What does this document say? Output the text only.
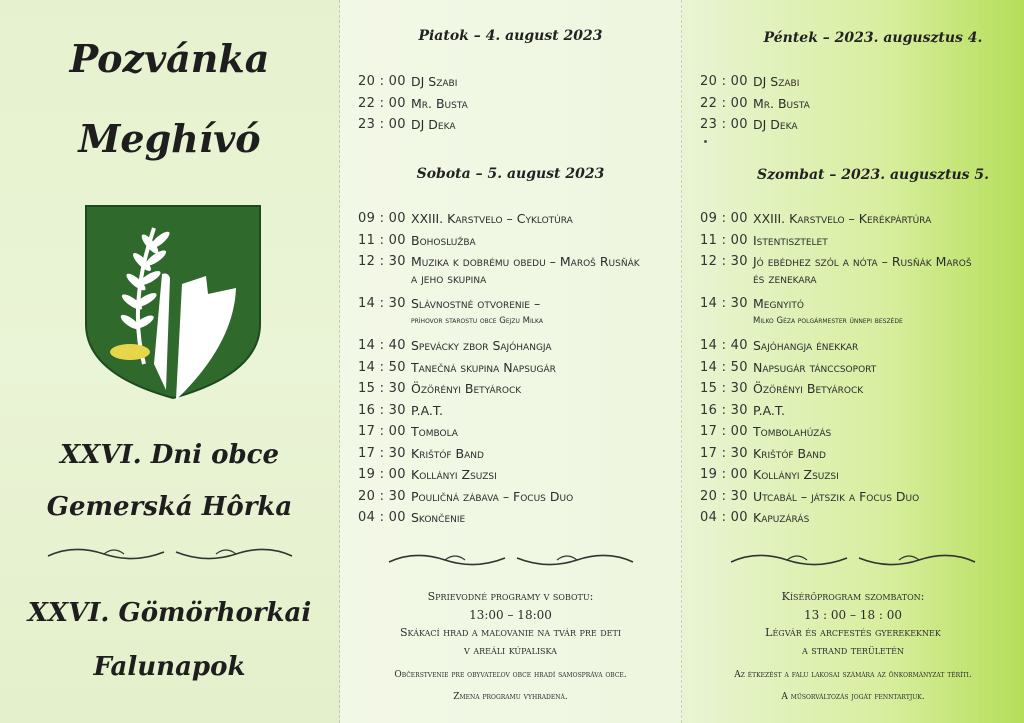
Pozvánka
Meghívó
XXVI. Dni obce
Gemerská Hôrka
XXVI. Gömörhorkai
Falunapok
Piatok – 4. august 2023
20 : 00 DJ Szabi
22 : 00 Mr. Busta
23 : 00 DJ Deka
Sobota – 5. august 2023
09 : 00 XXIII. Karstvelo – Cyklotúra
11 : 00 Bohoslužba
12 : 30 Muzika k dobrému obedu – Maroš Rusňák
a jeho skupina
14 : 30 Slávnostné otvorenie –
príhovor starostu obce Gejzu Milka
14 : 40 Spevácky zbor Sajóhangja
14 : 50 Tanečná skupina Napsugár
15 : 30 Özörényi Betyárock
16 : 30 P.A.T.
17 : 00 Tombola
17 : 30 Krištóf Band
19 : 00 Kollányi Zsuzsi
20 : 30 Pouličná zábava – Focus Duo
04 : 00 Skončenie
Sprievodné programy v sobotu:
13:00 – 18:00
Skákací hrad a maľovanie na tvár pre deti
v areáli kúpaliska
Občerstvenie pre obyvateľov obce hradí samospráva obce.
Zmena programu vyhradená.
Péntek – 2023. augusztus 4.
20 : 00 DJ Szabi
22 : 00 Mr. Busta
23 : 00 DJ Deka
Szombat – 2023. augusztus 5.
09 : 00 XXIII. Karstvelo – Kerékpártúra
11 : 00 Istentisztelet
12 : 30 Jó ebédhez szól a nóta – Rusňák Maroš
és zenekara
14 : 30 Megnyitó
Milko Géza polgármester ünnepi beszéde
14 : 40 Sajóhangja énekkar
14 : 50 Napsugár tánccsoport
15 : 30 Özörényi Betyárock
16 : 30 P.A.T.
17 : 00 Tombolahúzás
17 : 30 Krištóf Band
19 : 00 Kollányi Zsuzsi
20 : 30 Utcabál – játszik a Focus Duo
04 : 00 Kapuzárás
Kísérőprogram szombaton:
13 : 00 – 18 : 00
Légvár és arcfestés gyerekeknek
a strand területén
Az étkezést a falu lakosai számára az önkormányzat téríti.
A műsorváltozás jogát fenntartjuk.
